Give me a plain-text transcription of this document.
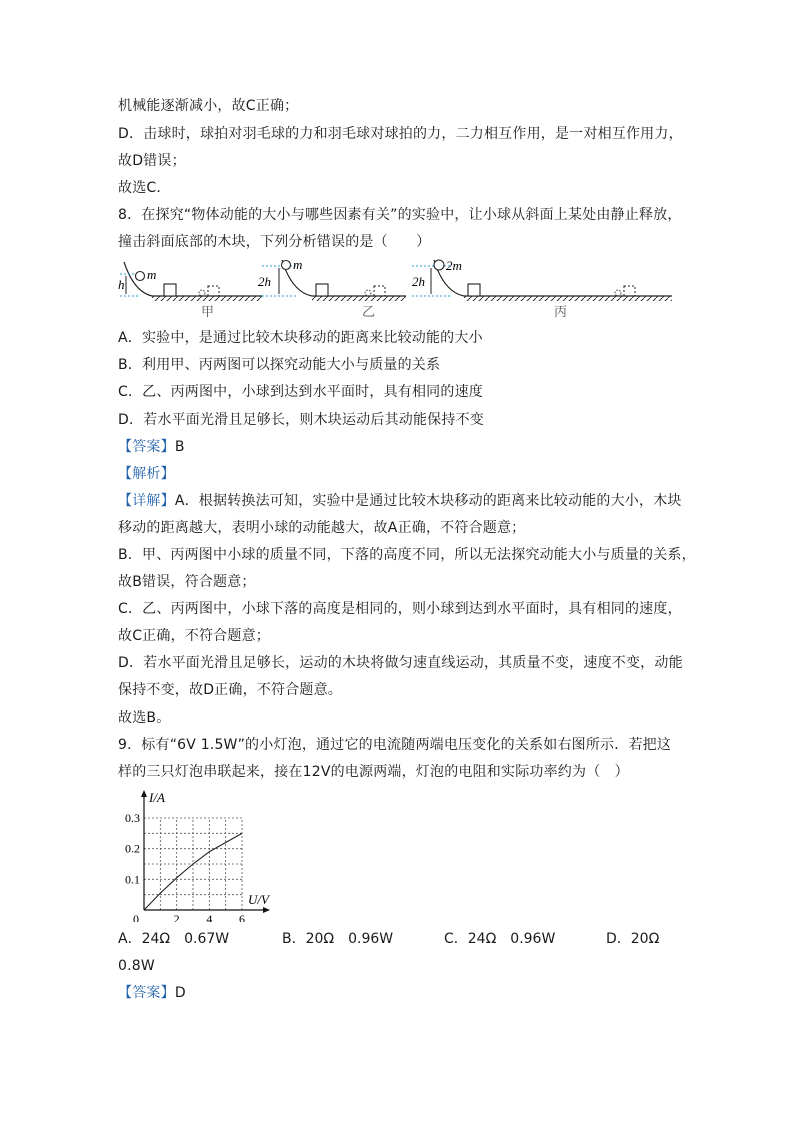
机械能逐渐减小，故C正确；
D．击球时，球拍对羽毛球的力和羽毛球对球拍的力，二力相互作用，是一对相互作用力，
故D错误；
故选C．
8．在探究“物体动能的大小与哪些因素有关”的实验中，让小球从斜面上某处由静止释放，
撞击斜面底部的木块，下列分析错误的是（　　）
h
m
甲
2h
m
乙
2h
2m
丙
A．实验中，是通过比较木块移动的距离来比较动能的大小
B．利用甲、丙两图可以探究动能大小与质量的关系
C．乙、丙两图中，小球到达到水平面时，具有相同的速度
D．若水平面光滑且足够长，则木块运动后其动能保持不变
【答案】B
【解析】
【详解】A．根据转换法可知，实验中是通过比较木块移动的距离来比较动能的大小，木块
移动的距离越大，表明小球的动能越大，故A正确，不符合题意；
B．甲、丙两图中小球的质量不同，下落的高度不同，所以无法探究动能大小与质量的关系，
故B错误，符合题意；
C．乙、丙两图中，小球下落的高度是相同的，则小球到达到水平面时，具有相同的速度，
故C正确，不符合题意；
D．若水平面光滑且足够长，运动的木块将做匀速直线运动，其质量不变，速度不变，动能
保持不变，故D正确，不符合题意。
故选B。
9．标有“6V 1.5W”的小灯泡，通过它的电流随两端电压变化的关系如右图所示．若把这
样的三只灯泡串联起来，接在12V的电源两端，灯泡的电阻和实际功率约为（　）
2 4 6
0.1
0.2
0.3
0
I/A
U/V
A．24Ω　0.67W	B．20Ω　0.96W	C．24Ω　0.96W	D．20Ω
0.8W
【答案】D
